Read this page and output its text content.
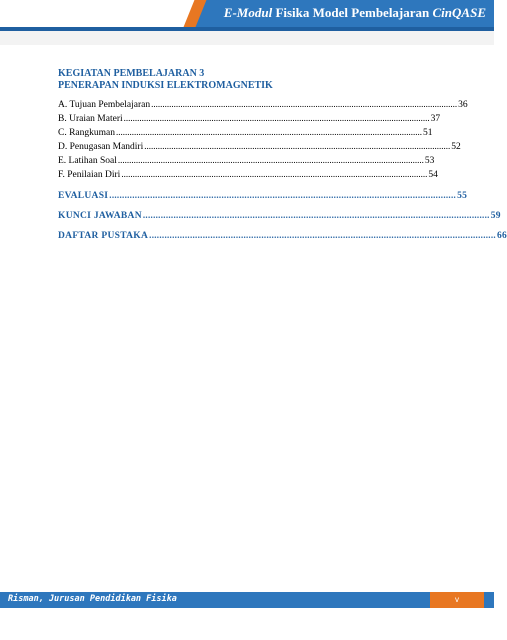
E-Modul Fisika Model Pembelajaran CinQASE
KEGIATAN PEMBELAJARAN 3
PENERAPAN INDUKSI ELEKTROMAGNETIK
A. Tujuan Pembelajaran ........................................................................................................................................ 36
B. Uraian Materi ........................................................................................................................................ 37
C. Rangkuman ........................................................................................................................................ 51
D. Penugasan Mandiri ........................................................................................................................................ 52
E. Latihan Soal ........................................................................................................................................ 53
F. Penilaian Diri ........................................................................................................................................ 54
EVALUASI ........................................................................................................................................ 55
KUNCI JAWABAN ........................................................................................................................................ 59
DAFTAR PUSTAKA ........................................................................................................................................ 66
Risman, Jurusan Pendidikan Fisika	v
